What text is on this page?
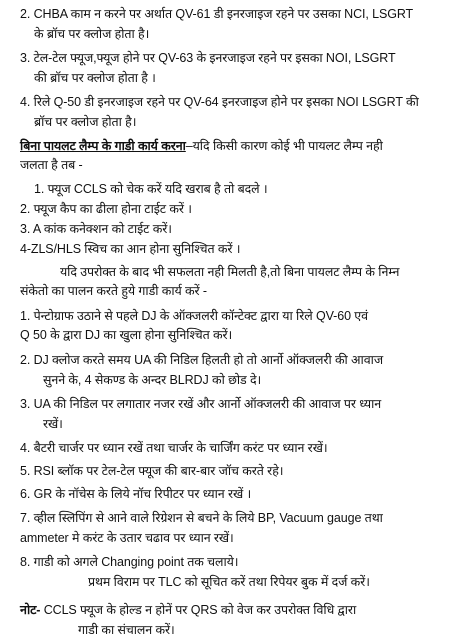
2. CHBA काम न करने पर अर्थात QV-61 डी इनरजाइज रहने पर उसका NCI, LSGRT
के ब्रॉच पर क्लोज होता है।
3. टेल-टेल फ्यूज,फ्यूज होने पर QV-63 के इनरजाइज रहने पर इसका NOI, LSGRT
की ब्रॉच पर क्लोज होता है ।
4. रिले Q-50 डी इनरजाइज रहने पर QV-64 इनरजाइज होने पर इसका NOI LSGRT की
ब्रॉच पर क्लोज होता है।
बिना पायलट लैम्प के गाडी कार्य करना–यदि किसी कारण कोई भी पायलट लैम्प नही
जलता है तब -
1. फ्यूज CCLS को चेक करें यदि खराब है तो बदले ।
2. फ्यूज कैप का ढीला होना टाईट करें ।
3. A कांक कनेक्शन को टाईट करें।
4-ZLS/HLS स्विच का आन होना सुनिश्चित करें ।
यदि उपरोक्त के बाद भी सफलता नही मिलती है,तो बिना पायलट लैम्प के निम्न
संकेतो का पालन करते हुये गाडी कार्य करें -
1. पेन्टोग्राफ उठाने से पहले DJ के ऑक्जलरी कॉन्टेक्ट द्वारा या रिले QV-60 एवं
Q 50 के द्वारा DJ का खुला होना सुनिश्चित करें।
2. DJ क्लोज करते समय UA की निडिल हिलती हो तो आर्नो ऑक्जलरी की आवाज
सुनने के, 4 सेकण्ड के अन्दर BLRDJ को छोड दे।
3. UA की निडिल पर लगातार नजर रखें और आर्नो ऑक्जलरी की आवाज पर ध्यान
रखें।
4. बैटरी चार्जर पर ध्यान रखें तथा चार्जर के चार्जिंग करंट पर ध्यान रखें।
5. RSI ब्लॉक पर टेल-टेल फ्यूज की बार-बार जॉच करते रहे।
6. GR के नॉचेस के लिये नॉच रिपीटर पर ध्यान रखें ।
7. व्हील स्लिपिंग से आने वाले रिग्रेशन से बचने के लिये BP, Vacuum gauge तथा
ammeter मे करंट के उतार चढाव पर ध्यान रखें।
8. गाडी को अगले Changing point तक चलाये।
प्रथम विराम पर TLC को सूचित करें तथा रिपेयर बुक में दर्ज करें।
नोट- CCLS फ्यूज के होल्ड न होनें पर QRS को वेज कर उपरोक्त विधि द्वारा
गाडी का संचालन करें।
